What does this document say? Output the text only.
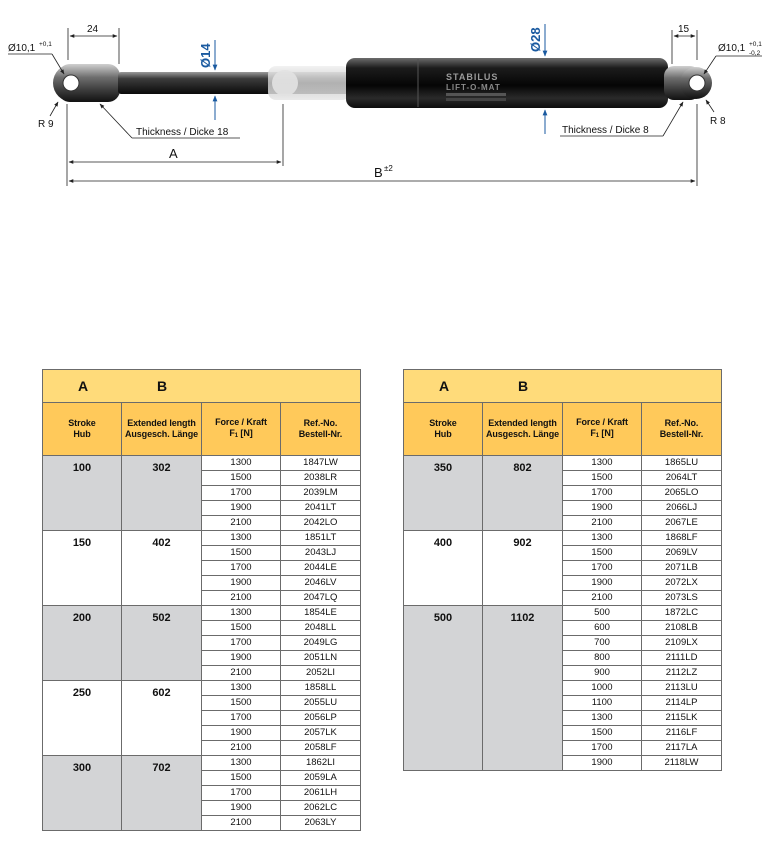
STABILUS
LIFT-O-MAT
24
Ø10,1 +0,1
R 9
Thickness / Dicke 18
Ø14
Ø28	15
Ø10,1 +0,1
-0,2
R 8
Thickness / Dicke 8
A
B ±2
A B			
Stroke
Hub	Extended length
Ausgesch. Länge	Force / Kraft
F1 [N]	Ref.-No.
Bestell-Nr.
100	302	1300	1847LW
		1500	2038LR
		1700	2039LM
		1900	2041LT
		2100	2042LO
150	402	1300	1851LT
		1500	2043LJ
		1700	2044LE
		1900	2046LV
		2100	2047LQ
200	502	1300	1854LE
		1500	2048LL
		1700	2049LG
		1900	2051LN
		2100	2052LI
250	602	1300	1858LL
		1500	2055LU
		1700	2056LP
		1900	2057LK
		2100	2058LF
300	702	1300	1862LI
		1500	2059LA
		1700	2061LH
		1900	2062LC
		2100	2063LY
A B			
Stroke
Hub	Extended length
Ausgesch. Länge	Force / Kraft
F1 [N]	Ref.-No.
Bestell-Nr.
350	802	1300	1865LU
		1500	2064LT
		1700	2065LO
		1900	2066LJ
		2100	2067LE
400	902	1300	1868LF
		1500	2069LV
		1700	2071LB
		1900	2072LX
		2100	2073LS
500	1102	500	1872LC
		600	2108LB
		700	2109LX
		800	2111LD
		900	2112LZ
		1000	2113LU
		1100	2114LP
		1300	2115LK
		1500	2116LF
		1700	2117LA
		1900	2118LW
